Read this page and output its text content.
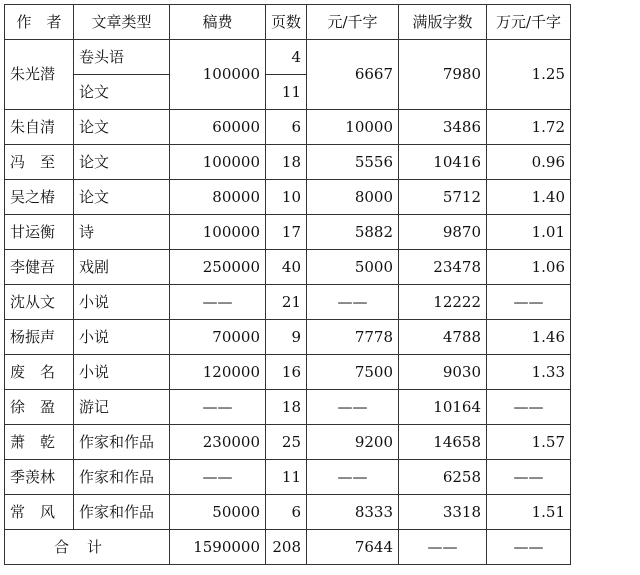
作　者	文章类型	稿费	页数	元/千字	满版字数	万元/千字
朱光潜	卷头语	100000	4	6667	7980	1.25
	论文		11			
朱自清	论文	60000	6	10000	3486	1.72
冯　至	论文	100000	18	5556	10416	0.96
吴之椿	论文	80000	10	8000	5712	1.40
甘运衡	诗	100000	17	5882	9870	1.01
李健吾	戏剧	250000	40	5000	23478	1.06
沈从文	小说	——	21	——	12222	——
杨振声	小说	70000	9	7778	4788	1.46
废　名	小说	120000	16	7500	9030	1.33
徐　盈	游记	——	18	——	10164	——
萧　乾	作家和作品	230000	25	9200	14658	1.57
季羡林	作家和作品	——	11	——	6258	——
常　风	作家和作品	50000	6	8333	3318	1.51
合计		1590000	208	7644	——	——
